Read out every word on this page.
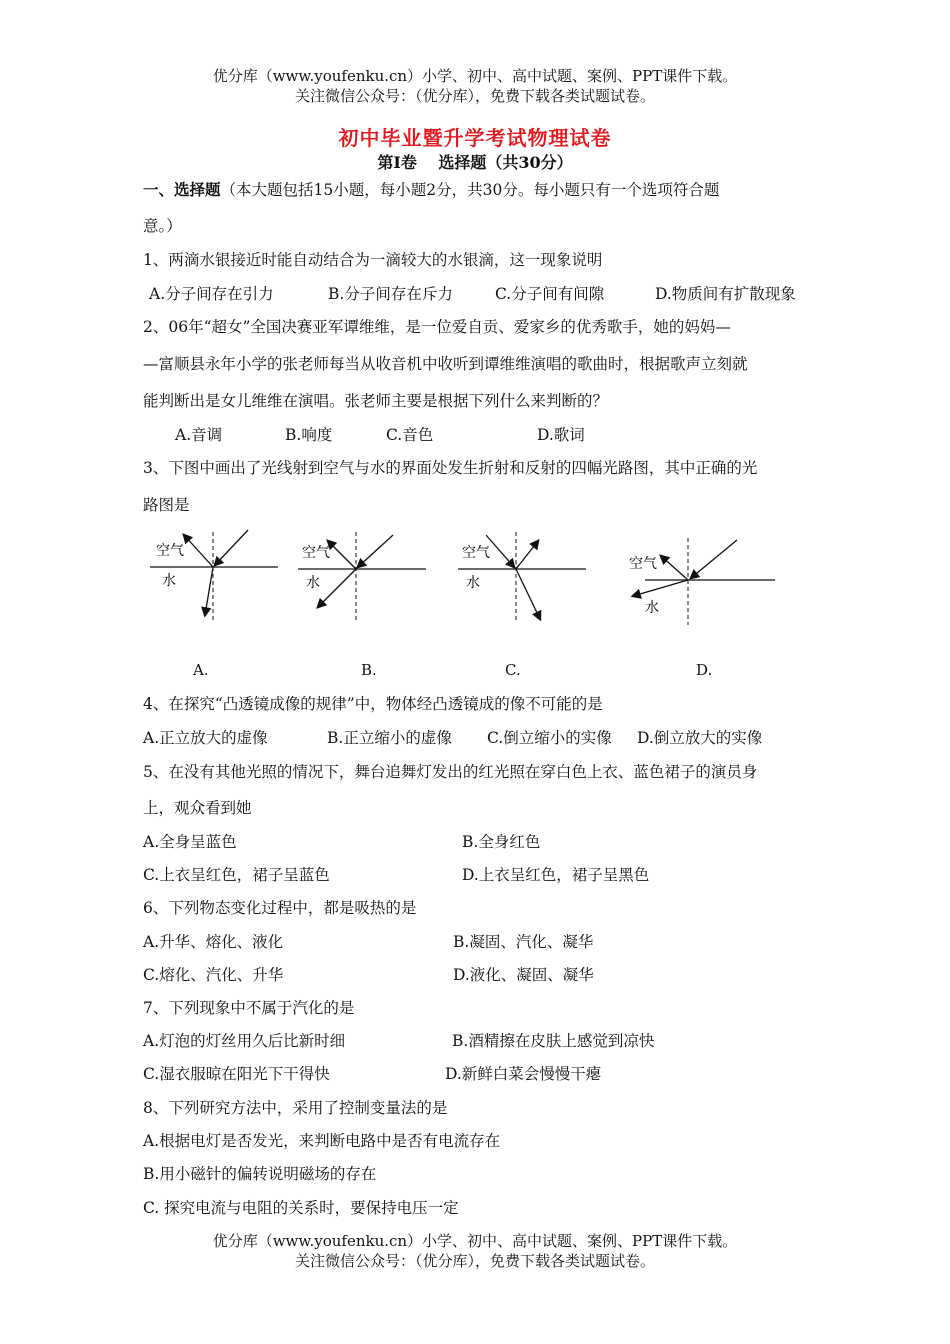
优分库（www.youfenku.cn）小学、初中、高中试题、案例、PPT课件下载。
关注微信公众号：（优分库），免费下载各类试题试卷。
初中毕业暨升学考试物理试卷
第Ⅰ卷　 选择题（共30分）
一、选择题（本大题包括15小题，每小题2分，共30分。每小题只有一个选项符合题
意。）
1、两滴水银接近时能自动结合为一滴较大的水银滴，这一现象说明
A.分子间存在引力	B.分子间存在斥力	C.分子间有间隙	D.物质间有扩散现象
2、06年“超女”全国决赛亚军谭维维，是一位爱自贡、爱家乡的优秀歌手，她的妈妈—
—富顺县永年小学的张老师每当从收音机中收听到谭维维演唱的歌曲时，根据歌声立刻就
能判断出是女儿维维在演唱。张老师主要是根据下列什么来判断的？
A.音调	B.响度	C.音色	D.歌词
3、下图中画出了光线射到空气与水的界面处发生折射和反射的四幅光路图，其中正确的光
路图是
空气
水
空气
水
空气
水
空气
水
A.	B.	C.	D.
4、在探究“凸透镜成像的规律”中，物体经凸透镜成的像不可能的是
A.正立放大的虚像	B.正立缩小的虚像 C.倒立缩小的实像 D.倒立放大的实像
5、在没有其他光照的情况下，舞台追舞灯发出的红光照在穿白色上衣、蓝色裙子的演员身
上，观众看到她
A.全身呈蓝色	B.全身红色
C.上衣呈红色，裙子呈蓝色	D.上衣呈红色，裙子呈黑色
6、下列物态变化过程中，都是吸热的是
A.升华、熔化、液化	B.凝固、汽化、凝华
C.熔化、汽化、升华	D.液化、凝固、凝华
7、下列现象中不属于汽化的是
A.灯泡的灯丝用久后比新时细	B.酒精擦在皮肤上感觉到凉快
C.湿衣服晾在阳光下干得快	D.新鲜白菜会慢慢干瘪
8、下列研究方法中，采用了控制变量法的是
A.根据电灯是否发光，来判断电路中是否有电流存在
B.用小磁针的偏转说明磁场的存在
C. 探究电流与电阻的关系时，要保持电压一定
优分库（www.youfenku.cn）小学、初中、高中试题、案例、PPT课件下载。
关注微信公众号：（优分库），免费下载各类试题试卷。
